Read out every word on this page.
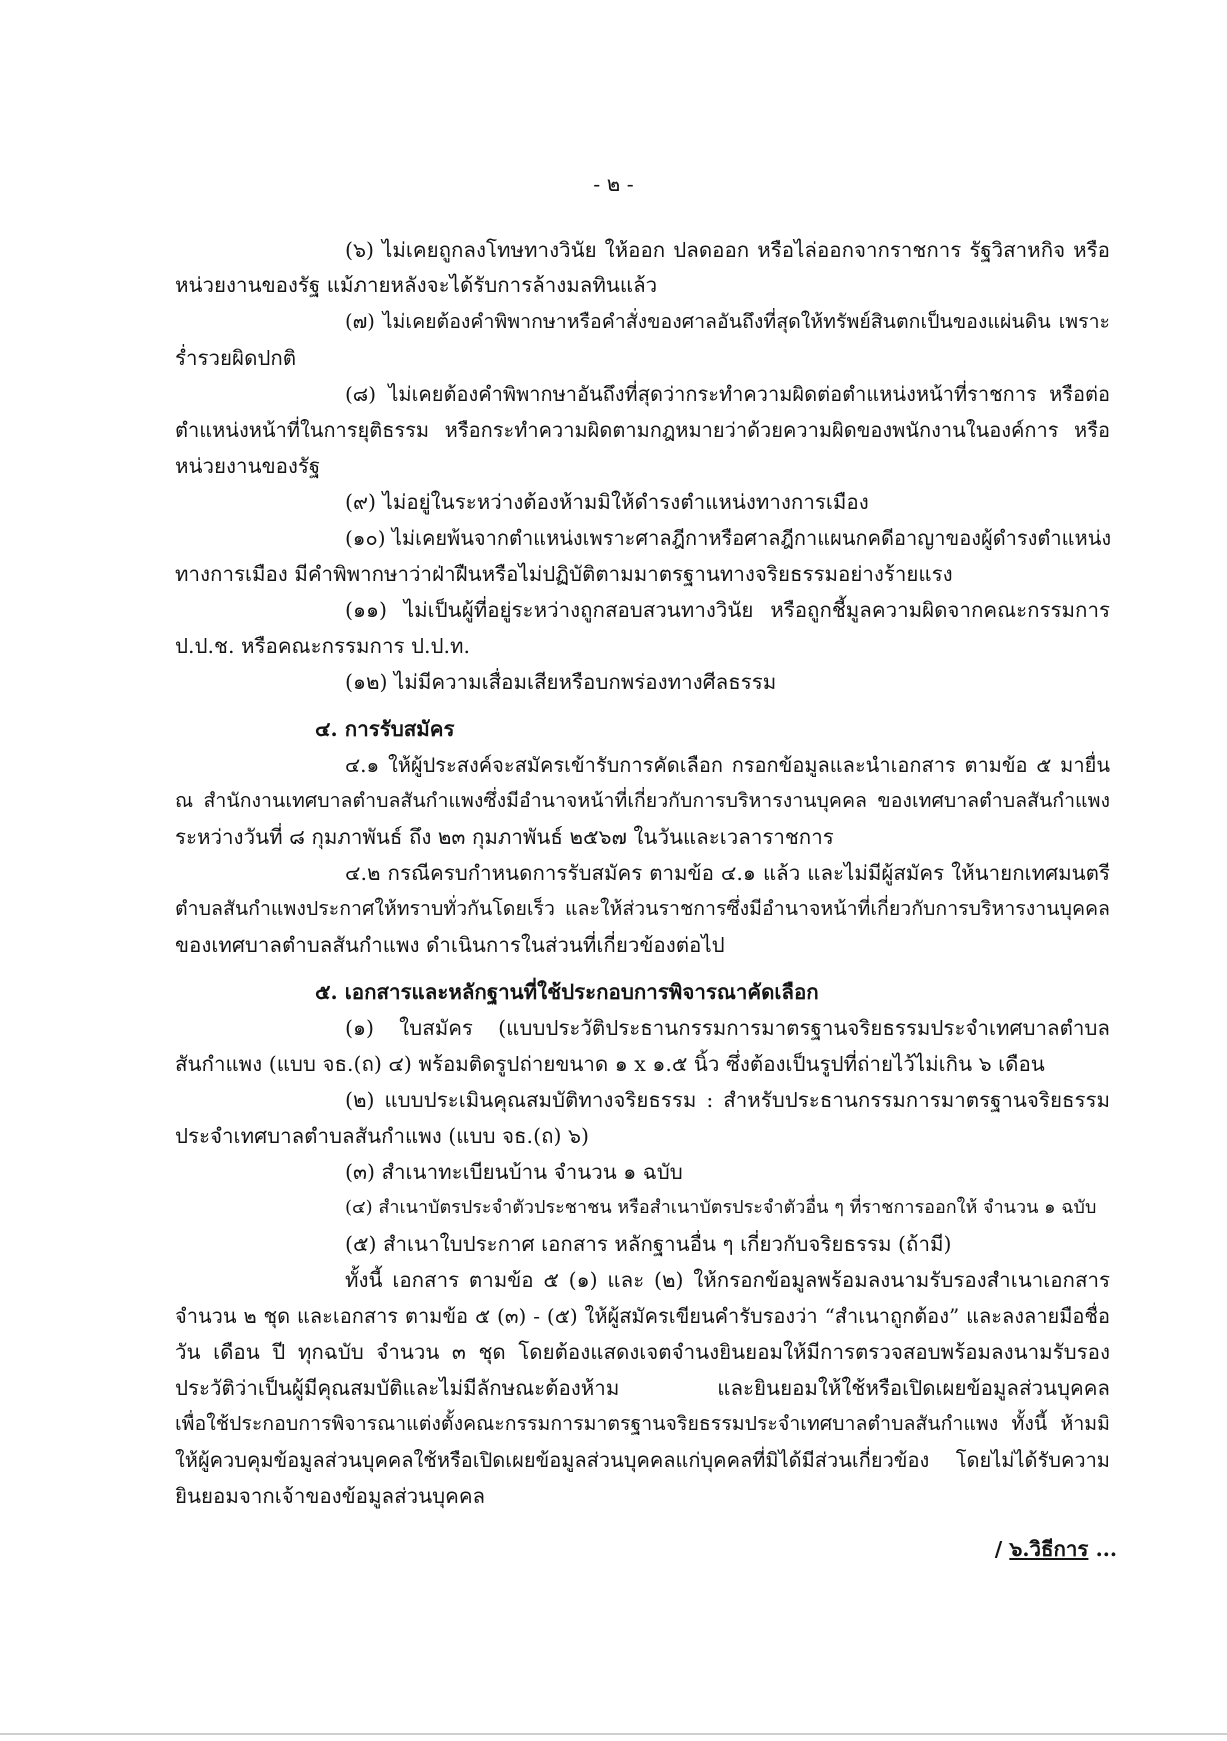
- ๒ -

(๖) ไม่เคยถูกลงโทษทางวินัย ให้ออก ปลดออก หรือไล่ออกจากราชการ รัฐวิสาหกิจ หรือ

หน่วยงานของรัฐ แม้ภายหลังจะได้รับการล้างมลทินแล้ว

(๗) ไม่เคยต้องคำพิพากษาหรือคำสั่งของศาลอันถึงที่สุดให้ทรัพย์สินตกเป็นของแผ่นดิน เพราะ

ร่ำรวยผิดปกติ

(๘) ไม่เคยต้องคำพิพากษาอันถึงที่สุดว่ากระทำความผิดต่อตำแหน่งหน้าที่ราชการ หรือต่อ

ตำแหน่งหน้าที่ในการยุติธรรม หรือกระทำความผิดตามกฎหมายว่าด้วยความผิดของพนักงานในองค์การ หรือ

หน่วยงานของรัฐ

(๙) ไม่อยู่ในระหว่างต้องห้ามมิให้ดำรงตำแหน่งทางการเมือง

(๑๐) ไม่เคยพ้นจากตำแหน่งเพราะศาลฎีกาหรือศาลฎีกาแผนกคดีอาญาของผู้ดำรงตำแหน่ง

ทางการเมือง มีคำพิพากษาว่าฝ่าฝืนหรือไม่ปฏิบัติตามมาตรฐานทางจริยธรรมอย่างร้ายแรง

(๑๑) ไม่เป็นผู้ที่อยู่ระหว่างถูกสอบสวนทางวินัย หรือถูกชี้มูลความผิดจากคณะกรรมการ

ป.ป.ช. หรือคณะกรรมการ ป.ป.ท.

(๑๒) ไม่มีความเสื่อมเสียหรือบกพร่องทางศีลธรรม

๔. การรับสมัคร

๔.๑ ให้ผู้ประสงค์จะสมัครเข้ารับการคัดเลือก กรอกข้อมูลและนำเอกสาร ตามข้อ ๕ มายื่น

ณ สำนักงานเทศบาลตำบลสันกำแพงซึ่งมีอำนาจหน้าที่เกี่ยวกับการบริหารงานบุคคล ของเทศบาลตำบลสันกำแพง

ระหว่างวันที่ ๘ กุมภาพันธ์ ถึง ๒๓ กุมภาพันธ์ ๒๕๖๗ ในวันและเวลาราชการ

๔.๒ กรณีครบกำหนดการรับสมัคร ตามข้อ ๔.๑ แล้ว และไม่มีผู้สมัคร ให้นายกเทศมนตรี

ตำบลสันกำแพงประกาศให้ทราบทั่วกันโดยเร็ว และให้ส่วนราชการซึ่งมีอำนาจหน้าที่เกี่ยวกับการบริหารงานบุคคล

ของเทศบาลตำบลสันกำแพง ดำเนินการในส่วนที่เกี่ยวข้องต่อไป

๕. เอกสารและหลักฐานที่ใช้ประกอบการพิจารณาคัดเลือก

(๑) ใบสมัคร (แบบประวัติประธานกรรมการมาตรฐานจริยธรรมประจำเทศบาลตำบล

สันกำแพง (แบบ จธ.(ถ) ๔) พร้อมติดรูปถ่ายขนาด ๑ x ๑.๕ นิ้ว ซึ่งต้องเป็นรูปที่ถ่ายไว้ไม่เกิน ๖ เดือน

(๒) แบบประเมินคุณสมบัติทางจริยธรรม : สำหรับประธานกรรมการมาตรฐานจริยธรรม

ประจำเทศบาลตำบลสันกำแพง (แบบ จธ.(ถ) ๖)

(๓) สำเนาทะเบียนบ้าน จำนวน ๑ ฉบับ

(๔) สำเนาบัตรประจำตัวประชาชน หรือสำเนาบัตรประจำตัวอื่น ๆ ที่ราชการออกให้ จำนวน ๑ ฉบับ

(๕) สำเนาใบประกาศ เอกสาร หลักฐานอื่น ๆ เกี่ยวกับจริยธรรม (ถ้ามี)

ทั้งนี้ เอกสาร ตามข้อ ๕ (๑) และ (๒) ให้กรอกข้อมูลพร้อมลงนามรับรองสำเนาเอกสาร

จำนวน ๒ ชุด และเอกสาร ตามข้อ ๕ (๓) - (๕) ให้ผู้สมัครเขียนคำรับรองว่า “สำเนาถูกต้อง” และลงลายมือชื่อ

วัน เดือน ปี ทุกฉบับ จำนวน ๓ ชุด โดยต้องแสดงเจตจำนงยินยอมให้มีการตรวจสอบพร้อมลงนามรับรอง

ประวัติว่าเป็นผู้มีคุณสมบัติและไม่มีลักษณะต้องห้าม และยินยอมให้ใช้หรือเปิดเผยข้อมูลส่วนบุคคล

เพื่อใช้ประกอบการพิจารณาแต่งตั้งคณะกรรมการมาตรฐานจริยธรรมประจำเทศบาลตำบลสันกำแพง ทั้งนี้ ห้ามมิ

ให้ผู้ควบคุมข้อมูลส่วนบุคคลใช้หรือเปิดเผยข้อมูลส่วนบุคคลแก่บุคคลที่มิได้มีส่วนเกี่ยวข้อง โดยไม่ได้รับความ

ยินยอมจากเจ้าของข้อมูลส่วนบุคคล

/ ๖.วิธีการ ...
